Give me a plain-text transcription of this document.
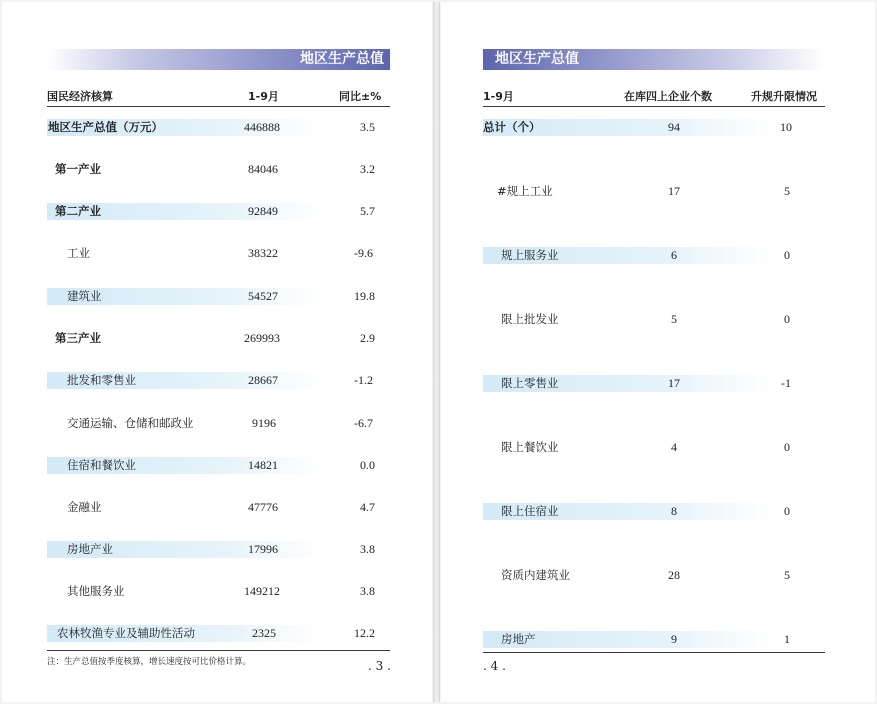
地区生产总值
国民经济核算	1-9月	同比±%
地区生产总值（万元）	446888	3.5
第一产业	84046	3.2
第二产业	92849	5.7
工业	38322	-9.6
建筑业	54527	19.8
第三产业	269993	2.9
批发和零售业	28667	-1.2
交通运输、仓储和邮政业	9196	-6.7
住宿和餐饮业	14821	0.0
金融业	47776	4.7
房地产业	17996	3.8
其他服务业	149212	3.8
农林牧渔专业及辅助性活动	2325	12.2
注：生产总值按季度核算，增长速度按可比价格计算。	. 3 .
地区生产总值
1-9月	在库四上企业个数	升规升限情况
总计（个）	94	10
#规上工业	17	5
规上服务业	6	0
限上批发业	5	0
限上零售业	17	-1
限上餐饮业	4	0
限上住宿业	8	0
资质内建筑业	28	5
房地产	9	1
. 4 .
